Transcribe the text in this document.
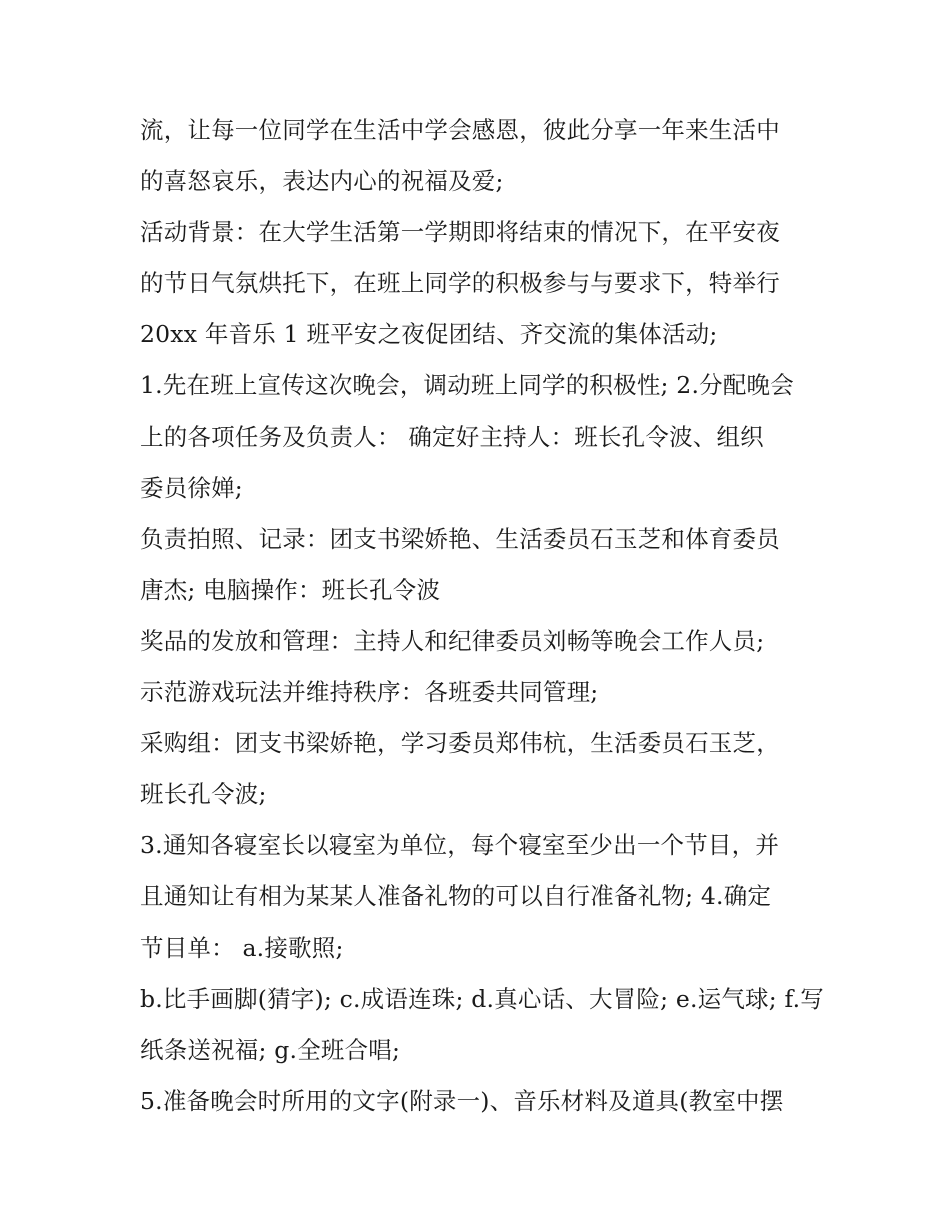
流，让每一位同学在生活中学会感恩，彼此分享一年来生活中
的喜怒哀乐，表达内心的祝福及爱;
活动背景：在大学生活第一学期即将结束的情况下，在平安夜
的节日气氛烘托下，在班上同学的积极参与与要求下，特举行
20xx 年音乐 1 班平安之夜促团结、齐交流的集体活动;
1.先在班上宣传这次晚会，调动班上同学的积极性; 2.分配晚会
上的各项任务及负责人： 确定好主持人：班长孔令波、组织
委员徐婵;
负责拍照、记录：团支书梁娇艳、生活委员石玉芝和体育委员
唐杰; 电脑操作：班长孔令波
奖品的发放和管理：主持人和纪律委员刘畅等晚会工作人员;
示范游戏玩法并维持秩序：各班委共同管理;
采购组：团支书梁娇艳，学习委员郑伟杭，生活委员石玉芝，
班长孔令波;
3.通知各寝室长以寝室为单位，每个寝室至少出一个节目，并
且通知让有相为某某人准备礼物的可以自行准备礼物; 4.确定
节目单： a.接歌照;
b.比手画脚(猜字); c.成语连珠; d.真心话、大冒险; e.运气球; f.写
纸条送祝福; g.全班合唱;
5.准备晚会时所用的文字(附录一)、音乐材料及道具(教室中摆
